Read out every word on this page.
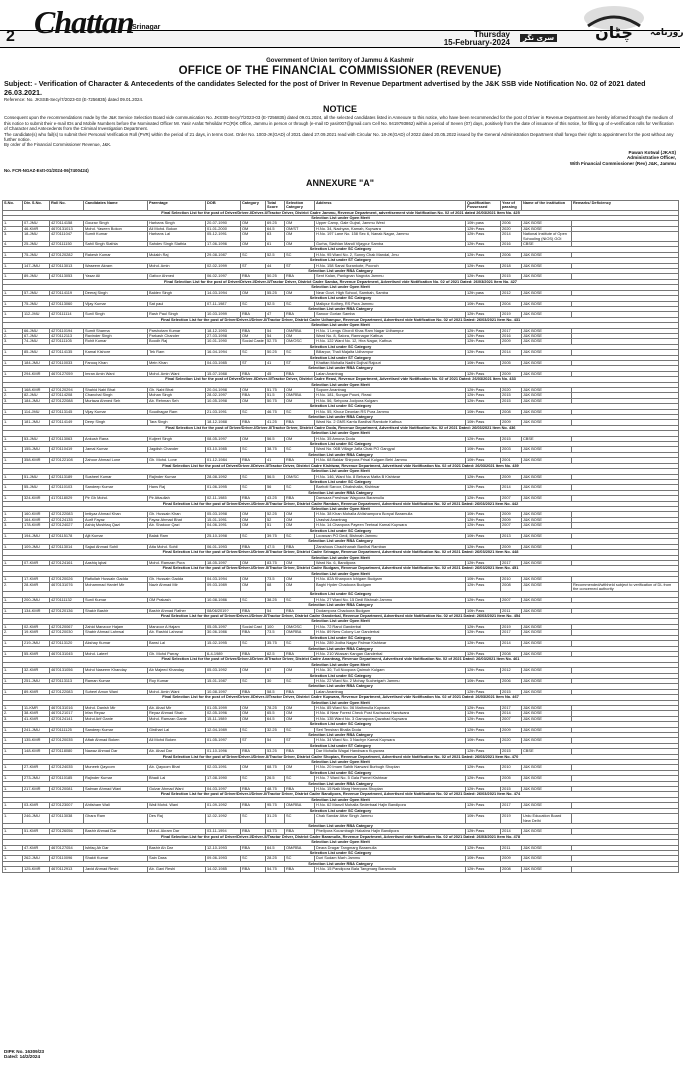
2 Chattan
Srinagar
سری نگر
Thursday
15-February-2024
چٹان روزنامہ
Government of Union territory of Jammu & Kashmir
OFFICE OF THE FINANCIAL COMMISSIONER (REVENUE)
Subject: - Verification of Character & Antecedents of the candidates Selected for the post of Driver In Revenue Department advertised by the J&K SSB vide Notification No. 02 of 2021 dated 26.03.2021.
Reference: No. JKSSB-Secy/7/2023-03 (E-7256835) dated 09.01.2024.
NOTICE
Consequent upon the recommendations made by the J&K Service Selection Board vide communication No. JKSSB-Secy/7/2023-03 (E-7256835) dated 09.01.2024, all the selected candidates listed in Annexure to this notice, who have been recommended for the post of Driver in Revenue Department are hereby informed through the medium of this notice to submit their e-mail IDs and Mobile Numbers before the Nominated Officer Mr. Yasir Arafat Tehsildar FC(R)K Office, Jammu in person or through (e-mail ID yasir007@gmail.com Cell No. 9419793862) within a period of Seven (07) days, positively from the date of issuance of this notice, for filling up of e-verification rolls for Verification of Character and Antecedents from the Criminal Investigation Department.
The candidate(s) who fail(s) to submit their Personal Verification Roll (PVR) within the period of 21 days, in terms Govt. Order No. 1003-JK(GAD) of 2021 dated 27.09.2021 read with Circular No. 18-JK(GAD) of 2022 dated 20.05.2022 issued by the General Administration Department shall forego their right to appointment for the post without any further notice.
By order of the Financial Commissioner Revenue, J&K.
Pawan Kotwal (JKAS)
Administrative Officer,
With Financial Commissioner (Rev) J&K, Jammu
No. FCR-NGAZ-Estt-01/2024-06(7400424)
ANNEXURE "A"
S.No.	Div. S.No.	Roll No.	Candidates Name	Parentage	DOB	Category	Total Score	Selection Category	Address	Qualification Possessed	Year of passing	Name of the institution	Remarks/ Deficiency
Final Selection List for the post of Driver/Driver-I/Driver-II/Tractor Driver, District Cadre Jammu, Revenue Department, advertisement vide Notification No. 02 of 2021 dated 26/03/2021 Item No. 425													
Selection List under Open Merit													
1.	07-JMU	4270114158	Gourav Singh	Harbans Singh	20-07-1990	OM	69.25	OM	Upper Camp, Gale Gujral, Jammu West	10th pass	2006	J&K BOSE	
2.	46-KMR	4670131013	Mohd. Yaseen Bokon	Ali Mohd. Bokon	01-01-2000	OM	64.5	OM/ST	H.No. 34, Nachyan, Kamah, Kupwara	12th Pass	2020	J&K BOSE	
3.	18-JMU	4270111047	Sumit Kumar	Harbans Lal	05-12-1991	OM	63	OM	H.No. 197 Lane No. 158 Sec 6, Nanak Nagar, Jammu	12th Pass	2014	National Institute of Open Schooling (NIOS) GOI	
4.	25-JMU	4270111150	Sahil Singh Slathia	Sahdev Singh Slathia	17-06-1996	OM	61	OM	Gurha, Slathian Mandi Vijaypur Samba	12th Pass	2016	CBSE	
Selection List under SC Category													
1.	75-JMU	4270120282	Rakesh Kumar	Mulakh Raj	29-08-1987	SC	52.5	SC	H.No. 95 Ward No. 2, Sunny Chak Mandal, Jmu	12th Pass	2006	J&K BOSE	
Selection List under ST Category													
1.	147-JMU	4270113013	Waseem Akram	Mohd. Amin	02-02-1999	ST	44	ST	H.No. 158 Sanai Surankote, Poonch	12th Pass	2018	J&K BOSE	
Selection List under RBA Category													
1.	89-JMU	4270113053	Yasar Ali	Gafoor Ahmed	06-02-1997	RBA	50.25	RBA	Sent Kalan, Pankgnan Nagrota Jammu	12th Pass	2015	J&K BOSE	
Final Selection List for the post of Driver/Driver-I/Driver-II/Tractor Driver, District Cadre Samba, Revenue Department, Advertised vide Notification No. 02 of 2021 Dated: 26/03/2021 Item No. 427													
Selection List under Open Merit													
1.	57-JMU	4270114119	Deeraj Singh	Baldev Singh	14-03-1994	OM	55.25	OM	Near Govt. High School, Sambah, Samba	12th pass	2012	J&K BOSE	
Selection List under SC Category													
1.	75-JMU	4270113060	Vijay Kumar	Sat paul	07-11-1987	SC	52.5	SC	Malkpur Kothey, RS Pura Jammu	10th Pass	2004	J&K BOSE	
Selection List under RBA Category													
1.	112-JMU	4270111114	Sunil Singh	Rash Paul Singh	10-03-1999	RBA	47	RBA	Sanoor Gorian Samba	12th Pass	2019	J&K BOSE	
Final Selection List for the post of Driver/Driver-I/Driver-II/Tractor Driver, District Cadre Udhampur, Revenue Department, Advertised vide Notification No. 02 of 2021 Dated: 26/03/2021 Item No. 431													
Selection List under Open Merit													
1.	66-JMU	4270110194	Sumit Sharma	Parshotam Kumar	18-12-1993	RBA	54	OM/RBA	H.No. 1 Lengs Ghordi Khas Ram Nagar Udhampur	12th Pass	2017	J&K BOSE	
2.	67-JMU	4270112113	Ravinder Singh	Parkash Chander	27-03-1998	OM	54	OM	Ward No. 8, Salora, Ramnagar Kathua	12th Pass	2016	J&K BOSE	
3.	74-JMU	4270111105	Rohit Kumar	Boodh Raj	10-01-1990	Social Caste	52.75	OM/OSC	H.No. 122 Ward No. 12, Hira Nagar, Kathua	12th Pass	2009	J&K BOSE	
Selection List under SC Category													
1.	85-JMU	4270114135	Kamal Kishore	Tek Ram	16-04-1994	SC	50.25	SC	Billarpur, Thali Majalta Udhampur	12th Pass	2014	J&K BOSE	
Selection List under ST Category													
1.	184-JMU	4270110033	Farooq Khan	Mein Khan	04-03-1985	ST	41	ST	Khattan Mohalla Nadhi Dojhal Rajouri	10th Pass	2005	J&K BOSE	
Selection List under RBA Category													
1.	294-KMR	4670127059	Imran Amin Wani	Mohd. Amin Wani	15-07-1988	RBA	45	RBA	Lalan Anantnag	12th Pass	2009	J&K BOSE	
Final Selection List for the post of Driver/Driver-I/Driver-II/Tractor Driver, District Cadre Reasi, Revenue Department, Advertised vide Notification No. 02 of 2021 Dated: 26/03/2021 Item No. 433													
Selection List under Open Merit													
1.	168-KMR	4270120294	Shahid Nabi Bhat	Gh. Nabi Bhat	20-04-1998	OM	51.75	OM	Sopore Anantnag	12th Pass	2020	J&K BOSE	
2.	82-JMU	4270114208	Chanchal Singh	Mohan Singh	28-02-1997	RBA	51.5	OM/RBA	H.No. 181, Sungar Pouni, Reasi	12th Pass	2015	J&K BOSE	
3.	184-JMU	4270122088	Murtaza Ahmed Seh	Ab. Rehman Seh	10-05-1998	OM	50.75	OM	H.No. 56, Sehpora Jodpora Kulgam	12th Pass	2015	J&K BOSE	
Selection List under SC Category													
1.	114-JMU	4270113145	Vijay Kumar	Soudhagar Ram	21-03-1991	SC	46.75	SC	H.No. 55, Khour Deonian RS Pura Jammu	10th Pass	2008	J&K BOSE	
Selection List under RBA Category													
1.	181-JMU	4270114149	Deep Singh	Tara Singh	18-12-1988	RBA	41.25	RBA	Ward No. 2 GMS Karrla Bardhal Ramkote Kathua	10th Pass	2009	J&K BOSE	
Final Selection List for the post of Driver/Driver-I/Driver-II/Tractor Driver, District Cadre Doda, Revenue Department, Advertised vide Notification No. 02 of 2021 Dated: 26/03/2021 Item No. 436													
Selection List under Open Merit													
1.	53-JMU	4270113063	Ankush Rana	Kuljeet Singh	08-05-1997	OM	56.5	OM	H.No. 35 Amona Doda	12th Pass	2015	CBSE	
Selection List under SC Category													
1.	155-JMU	4270110419	Jamal Kumar	Jagdish Chander	03-10-1985	SC	38.75	SC	Ward No. 06B Village Jafla Chak PO Gangyal	10th Pass	2003	J&K BOSE	
Selection List under RBA Category													
1.	358-KMR	4270122108	Zahoor Ahmad Lone	Gh. Mohd. Lone	01-12-1984	RBA	41	RBA	H.No. 68 Baldar Shirpora Frisal Kulgam Behi Jammu	10th Pass	2001	J&K BOSE	
Final Selection List for the post of Driver/Driver-I/Driver-II/Tractor Driver, District Cadre Kishtwar, Revenue Department, Advertised vide Notification No. 02 of 2021 Dated: 26/03/2021 Item No. 439													
Selection List under Open Merit													
1.	51-JMU	4270113189	Susheel Kumar	Rajinder Kumar	28-08-1992	SC	56.5	OM/SC	H.No. 146, Ward No. 8 Behana Matta B Kishtwar	12th Pass	2009	J&K BOSE	
Selection List under SC Category													
1.	55-JMU	4270110103	Sandeep Kumar	Hans Raj	01-06-1995	SC	56	SC	Barhoti Saroor, Dhabshalia, Kishtwar	12th Pass	2014	J&K BOSE	
Selection List under RBA Category													
1.	324-KMR	4170118029	Pir Gh Mohd.	Pir Attaullah	02-11-1985	RBA	43.25	RBA	Darwaza Freshwar Wagoora Baramulla	12th Pass	2007	J&K BOSE	
Final Selection List for the post of Driver/Driver-I/Driver-II/Tractor Driver, District Cadre Ramban, Revenue Department, Advertised vide Notification No. 02 of 2021 Dated: 26/03/2021 Item No. 442													
Selection List under Open Merit													
1.	160-KMR	4270122083	Imtiyaz Ahmad Khan	Gh. Hussain Khan	05-03-1998	OM	52.25	OM	H.No. 38 Khan Mohalla Ahlishampora Bonyal Baramulla	10th Pass	2009	J&K BOSE	
2.	164-KMR	4270124135	Aurif Fayaz	Fayaz Ahmad Bhat	15-01-1991	OM	52	OM	Urashal Anantnag	12th Pass	2009	J&K BOSE	
3.	178-KMR	4270124027	Ashiq Mushtaq Qazi	Ab. Shakoor Qazi	04-06-1991	OM	51	OM	H.No. 14 Chanpora Payeen Teetwal Karnal Kupwara	12th Pass	2007	J&K BOSE	
Selection List under SC Category													
1.	194-JMU	4270115178	Ajit Kumar	Balak Ram	25-10-1998	SC	39.75	SC	Looswan PO Dedi, Bishnah Jammu	10th Pass	2013	J&K BOSE	
Selection List under RBA Category													
1.	109-JMU	4270113014	Sajad Ahmad Sohil	Atta Mohd. Sohil	06-01-1993	RBA	47.5	RBA	Zanshoos Chachhanah Banihal Ramban	12th Pass	2009	J&K BOSE	
Final Selection List for the post of Driver/Driver-I/Driver-II/Tractor Driver, District Cadre Srinagar, Revenue Department, Advertised vide Notification No. 02 of 2021 Dated: 26/03/2021 Item No. 448													
Selection List under Open Merit													
1.	07-KMR	4270124161	Aashiq Iqbal	Mohd. Ramzan Pura	18-05-1997	OM	83.75	OM	Ward No. 6, Bandipora	12th Pass	2017	J&K BOSE	
Final Selection List for the post of Driver/Driver-I/Driver-II/Tractor Driver, District Cadre Budgam, Revenue Department, Advertised vide Notification No. 02 of 2021 Dated: 26/03/2021 Item No. 451													
Selection List under Open Merit													
1.	17-KMR	4270120026	Rafiullah Hussain Gadda	Gh. Hussain Gadda	04-03-1994	OM	73.5	OM	H.No. 82A Khanpora Ichigam Budgam	10th Pass	2010	J&K BOSE	
2.	28-KMR	4670131076	Mohammad Hanief Mir	Nazir Ahmad Mir	09-03-1989	OM	68	OM	Baghi Hyder Chadoora Budgam	12th Pass	2008	J&K BOSE	Recommended/withheld subject to verification of DL from the concerned authority
Selection List under SC Category													
1.	200-JMU	4270111132	Sunil Kumar	OM Prakash	10-08-1986	SC	38.25	SC	H.No. 27 Ward No. 15 Dedi Bishnah Jammu	12th Pass	2007	J&K BOSE	
Selection List under RBA Category													
1.	134-KMR	4270120136	Shakir Bashir	Bashir Ahmad Rather	08/06/2019?	RBA	54	RBA	Dodampora Chadoora Budgam	10th Pass	2011	J&K BOSE	
Final Selection List for the post of Driver/Driver-I/Driver-II/Tractor Driver, District Cadre Ganderbal, Revenue Department, Advertised vide Notification No. 02 of 2021 Dated: 26/03/2021 Item No. 454													
Selection List under Open Merit													
1.	02-KMR	4270120067	Zahid Manzoor Hajam	Manzoor A Hajam	05-05-1997	Social Cast	100	OM/OSC	H.No. 72 Rand Ganderbal	12th Pass	2019	J&K BOSE	
2.	19-KMR	4270120030	Shabir Ahmad Lahrwal	Ab. Rashid Lahrwal	30-06-1986	RBA	73.5	OM/RBA	H.No. 89 New Colony Lar Ganderbal	12th Pass	2017	J&K BOSE	
Selection List under SC Category													
1.	219-JMU	4270113120	Akshay Kumar	Bansi Lal	15-02-1995	SC	35.75	SC	H.No. 289 Jodha Nagar Palmar Kishtwar	12th Pass	2014	J&K BOSE	
Selection List under RBA Category													
1.	55-KMR	4670131045	Mohd. Lateef	Gh. Mohd Parray	6-4-1989	RBA	62.5	RBA	H.No. 210 Wussan Kangan Ganderbal	12th Pass	2008	J&K BOSE	
Final Selection List for the post of Driver/Driver-I/Driver-II/Tractor Driver, District Cadre Anantnag, Revenue Department, Advertised vide Notification No. 02 of 2021 Dated: 26/03/2021 Item No. 461													
Selection List under Open Merit													
1.	32-KMR	4670131056	Mohd Naseem Khanday	Ab Majeed Khanday	05-03-1992	OM	67	OM	H.No. 30, Tull Noopora Qaimoh Kulgam	12th Pass	2012	J&K BOSE	
Selection List under SC Category													
1.	251-JMU	4270113113	Raman Kumar	Roy Kumar	15-01-1987	SC	30	SC	H.No. 22 Ward No. 2 Mohay Suchetgarh Jammu	10th Pass	2006	J&K BOSE	
Selection List under RBA Category													
1.	89-KMR	4270122083	Suheel Amun Wani	Mohd. Amin Wani	10-08-1997	RBA	58.5	RBA	Lalan Anantnag	12th Pass	2015	J&K BOSE	
Final Selection List for the post of Driver/Driver-I/Driver-II/Tractor Driver, District Cadre Kupwara, Revenue Department, Advertised vide Notification No. 02 of 2021 Dated: 26/03/2021 Item No. 467													
Selection List under Open Merit													
1.	11-KMR	4670131016	Mohd. Danish Mir	Ab. Ahad Mir	01-05-1999	OM	78.25	OM	H.No. 85 Ward No. 06 Mathmulla Kupwara	12th Pass	2017	J&K BOSE	
2.	38-KMR	4670121017	Irfan Reyaz	Reyaz Ahmad Shah	02-05-1996	OM	65.5	OM	H.No. 8 Near Forest Check Post Kachwara Handwara	12th Pass	2014	J&K BOSE	
3.	41-KMR	4270124141	Mohd Arif Ganie	Mohd. Ramzan Ganie	15-11-1989	OM	64.5	OM	H.No. 135 Ward No. 3 Gamapora Qazabad Kupwara	12th Pass	2007	J&K BOSE	
Selection List under SC Category													
1.	241-JMU	4270111125	Sandeep Kumar	Girdhari Lal	12-04-1989	SC	32.25	SC	Seri Tensiran Bhalla Doda	12th Pass	2009	J&K BOSE	
Selection List under RBA Category													
1.	135-KMR	4270120035	Aftab Ahmad Boken	Ali Mohd Boken	01-05-1997	ST	54	ST	H.No. 34 Ward No. 3 Nachyn Kamal Kupwara	10th Pass	2020	J&K BOSE	
Selection List under ST Category													
1.	148-KMR	4270118080	Nawaz Ahmad Dar	Ab. Ahad Dar	01-10-1996	RBA	53.25	RBA	Dar Mohalla Wagal Handwara Kupwara	12th Pass	2015	CBSE	
Final Selection List for the post of Driver/Driver-I/Driver-II/Tractor Driver, District Cadre Shopian, Revenue Department, Advertised vide Notification No. 02 of 2021 Dated: 26/03/2021 Item No. 470													
Selection List under Open Merit													
1.	27-KMR	4270124035	Muneeb Qayoom	Ab. Qayoom Bhat	02-03-1991	OM	68.75	OM	H.No. 20 Imam Sahib Narwani Burbugh Shopian	12th Pass	2010	J&K BOSE	
Selection List under SC Category													
1.	273-JMU	4270110185	Rajinder Kumar	Bhadi Lal	17-08-1990	SC	26.5	SC	H.No. 7 Ward No. 5 Gala Parnel Kishtwar	12th Pass	2005	J&K BOSE	
Selection List under RBA Category													
1.	217-KMR	4270120081	Salman Ahmad Wani	Gulzar Ahmad Wani	04-03-1997	RBA	48.75	RBA	H.No. 15 Naik Marg Heerpora Shopian	12th Pass	2015	J&K BOSE	
Final Selection List for the post of Driver/Driver-I/Driver-II/Tractor Driver, District Cadre Bandipora, Revenue Department, Advertised vide Notification No. 02 of 2021 Dated: 26/03/2021 Item No. 474													
Selection List under Open Merit													
1.	03-KMR	4270123007	Ahtisham Wali	Wali Mohd. Wani	01-09-1992	RBA	95.75	OM/RBA	H.No. 62 Manzil Mohalla Sederbaal Hajin Bandipora	12th Pass	2017	J&K BOSE	
Selection List under SC Category													
1.	246-JMU	4270113038	Ghara Ram	Des Raj	12-02-1992	SC	31.25	SC	Chak Sandar Attar Singh Jammu	10th Pass	2019	Urdu Education Board New Delhi	
Selection List under RBA Category													
1.	51-KMR	4270126056	Bashir Ahmad Dar	Mohd. Akram Dar	03-11-1994	RBA	63.73	RBA	Phellpora Kousmbagh Hakabra Hajin Bandipora	12th Pass	2014	J&K BOSE	
Final Selection List for the post of Driver/Driver-I/Driver-II/Tractor Driver, District Cadre Baramulla, Revenue Department, Advertised vide Notification No. 02 of 2021 Dated: 26/03/2021 Item No. 478													
Selection List under Open Merit													
1.	47-KMR	4670127054	Ishfaq Ah Dar	Bashir Ah Dar	12-10-1993	RBA	64.5	OM/RBA	Deara Dragar Tangmarg Baramulla	12th Pass	2011	J&K BOSE	
Selection List under SC Category													
1.	262-JMU	4270110096	Shakti Kumar	Sain Dass	09-06-1993	SC	28.25	SC	Duri Sudam Marh Jammu	10th Pass	2009	J&K BOSE	
Selection List under RBA Category													
1.	125-KMR	4670112913	Javid Ahmad Reshi	Ab. Gani Reshi	14-02-1985	RBA	54.75	RBA	H.No. 15 Pandipora Bala Tangmarg Baramulla	12th Pass	2008	J&K BOSE	
DIPK No. 16309/23
Dated: 14/2/2024
